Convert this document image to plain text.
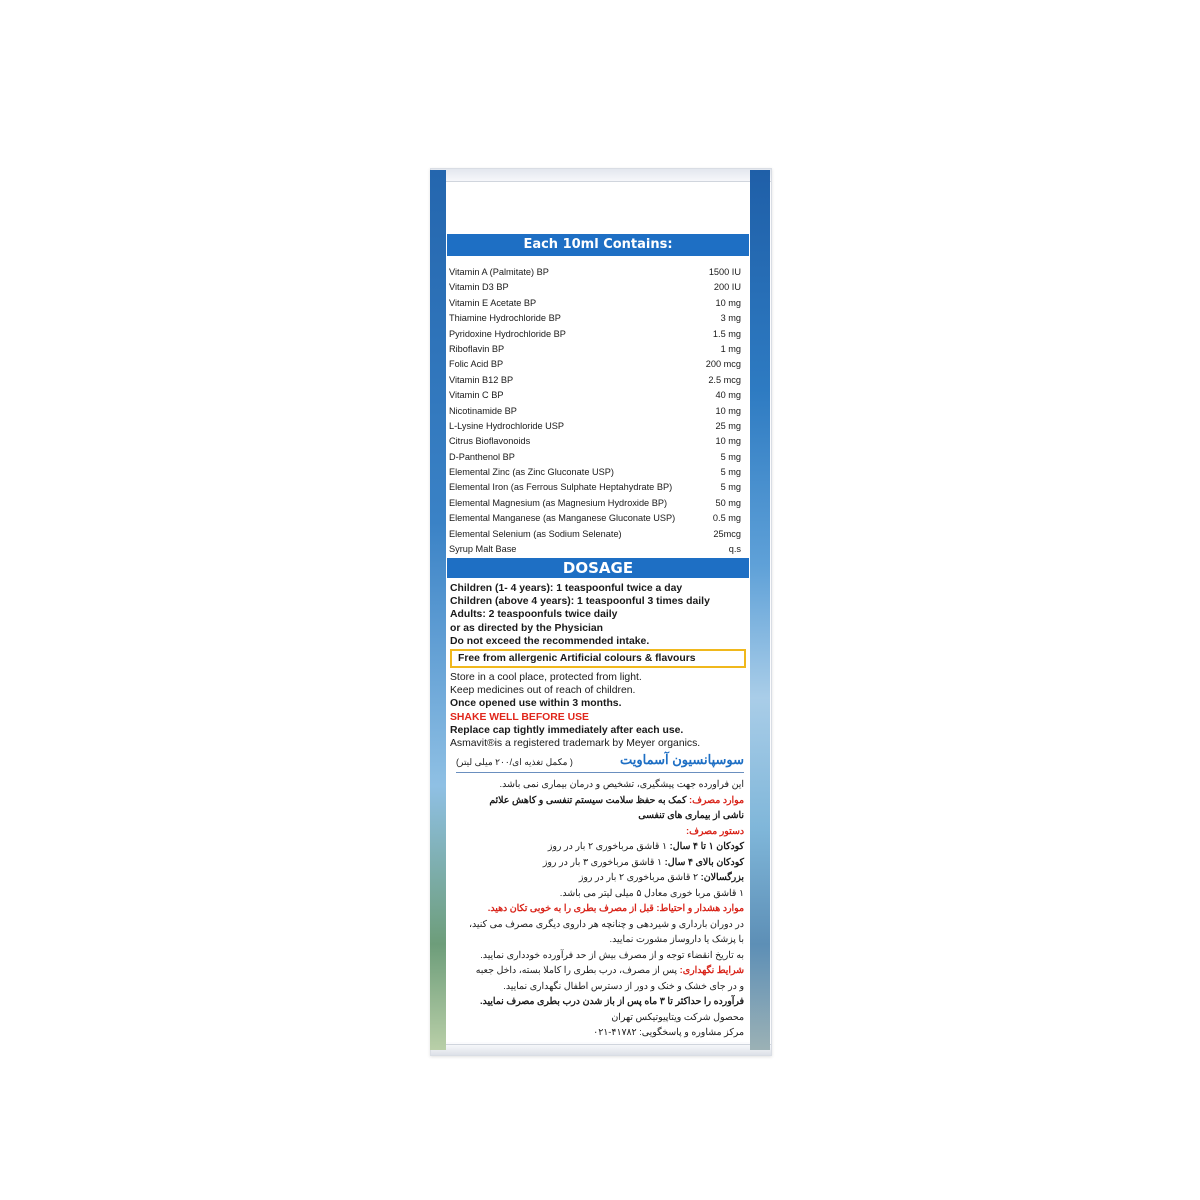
Each 10ml Contains:
Vitamin A (Palmitate) BP	1500 IU
Vitamin D3 BP	200 IU
Vitamin E Acetate BP	10 mg
Thiamine Hydrochloride BP	3 mg
Pyridoxine Hydrochloride BP	1.5 mg
Riboflavin BP	1 mg
Folic Acid BP	200 mcg
Vitamin B12 BP	2.5 mcg
Vitamin C BP	40 mg
Nicotinamide BP	10 mg
L-Lysine Hydrochloride USP	25 mg
Citrus Bioflavonoids	10 mg
D-Panthenol BP	5 mg
Elemental Zinc (as Zinc Gluconate USP)	5 mg
Elemental Iron (as Ferrous Sulphate Heptahydrate BP)	5 mg
Elemental Magnesium (as Magnesium Hydroxide BP)	50 mg
Elemental Manganese (as Manganese Gluconate USP)	0.5 mg
Elemental Selenium (as Sodium Selenate)	25mcg
Syrup Malt Base	q.s
DOSAGE
Children (1- 4 years): 1 teaspoonful twice a day
Children (above 4 years): 1 teaspoonful 3 times daily
Adults: 2 teaspoonfuls twice daily
or as directed by the Physician
Do not exceed the recommended intake.
Free from allergenic Artificial colours & flavours
Store in a cool place, protected from light.
Keep medicines out of reach of children.
Once opened use within 3 months.
SHAKE WELL BEFORE USE
Replace cap tightly immediately after each use.
Asmavit®is a registered trademark by Meyer organics.
سوسپانسیون آسماویت
( مکمل تغذیه ای/۲۰۰ میلی لیتر)
این فراورده جهت پیشگیری، تشخیص و درمان بیماری نمی باشد.
موارد مصرف: کمک به حفظ سلامت سیستم تنفسی و کاهش علائم
ناشی از بیماری های تنفسی
دستور مصرف:
کودکان ۱ تا ۴ سال: ۱ قاشق مرباخوری ۲ بار در روز
کودکان بالای ۴ سال: ۱ قاشق مرباخوری ۳ بار در روز
بزرگسالان: ۲ قاشق مرباخوری ۲ بار در روز
۱ قاشق مربا خوری معادل ۵ میلی لیتر می باشد.
موارد هشدار و احتیاط: قبل از مصرف بطری را به خوبی تکان دهید.
در دوران بارداری و شیردهی و چنانچه هر داروی دیگری مصرف می کنید،
با پزشک یا داروساز مشورت نمایید.
به تاریخ انقضاء توجه و از مصرف بیش از حد فرآورده خودداری نمایید.
شرایط نگهداری: پس از مصرف، درب بطری را کاملا بسته، داخل جعبه
و در جای خشک و خنک و دور از دسترس اطفال نگهداری نمایید.
فرآورده را حداکثر تا ۳ ماه پس از باز شدن درب بطری مصرف نمایید.
محصول شرکت ویتاپیوتیکس تهران
مرکز مشاوره و پاسخگویی: ۴۱۷۸۲-۰۲۱
